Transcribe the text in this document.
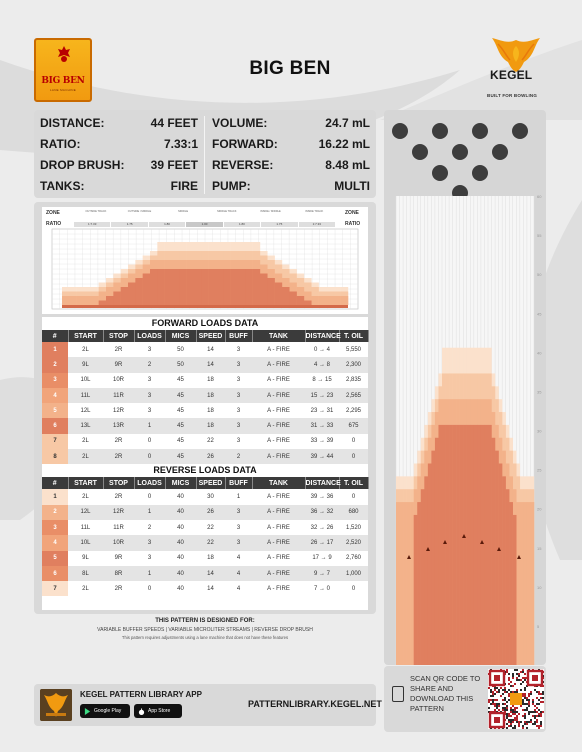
BIG BEN
LANE MACHINE
BIG BEN	KEGEL
BUILT FOR BOWLING
DISTANCE:	44 FEET
RATIO:	7.33:1
DROP BRUSH: 39 FEET
TANKS:	FIRE
VOLUME:	24.7 mL
FORWARD:	16.22 mL
REVERSE:	8.48 mL
PUMP:	MULTI
ZONE
RATIO
ZONE
RATIO
1:7.33	1.75	1.80	1.00	1.80	1.75	1:7.33
OUTSIDE TRACK	OUTSIDE / MIDDLE	MIDDLE	MIDDLE TRACK	INSIDE / MIDDLE	INSIDE TRACK
FORWARD LOADS DATA
#	START	STOP	LOADS	MICS	SPEED	BUFF	TANK	DISTANCE	T. OIL
1	2L	2R	3	50	14	3	A - FIRE	0 → 4	5,550
2	9L	9R	2	50	14	3	A - FIRE	4 → 8	2,300
3	10L	10R	3	45	18	3	A - FIRE	8 → 15	2,835
4	11L	11R	3	45	18	3	A - FIRE	15 → 23	2,565
5	12L	12R	3	45	18	3	A - FIRE	23 → 31	2,295
6	13L	13R	1	45	18	3	A - FIRE	31 → 33	675
7	2L	2R	0	45	22	3	A - FIRE	33 → 39	0
8	2L	2R	0	45	26	2	A - FIRE	39 → 44	0
REVERSE LOADS DATA
#	START	STOP	LOADS	MICS	SPEED	BUFF	TANK	DISTANCE	T. OIL
1	2L	2R	0	40	30	1	A - FIRE	39 → 36	0
2	12L	12R	1	40	26	3	A - FIRE	36 → 32	680
3	11L	11R	2	40	22	3	A - FIRE	32 → 26	1,520
4	10L	10R	3	40	22	3	A - FIRE	26 → 17	2,520
5	9L	9R	3	40	18	4	A - FIRE	17 → 9	2,760
6	8L	8R	1	40	14	4	A - FIRE	9 → 7	1,000
7	2L	2R	0	40	14	4	A - FIRE	7 → 0	0
THIS PATTERN IS DESIGNED FOR:
VARIABLE BUFFER SPEEDS | VARIABLE MICROLITER STREAMS | REVERSE DROP BRUSH
This pattern requires adjustments using a lane machine that does not have these features
KEGEL PATTERN LIBRARY APP
Google Play	App Store
PATTERNLIBRARY.KEGEL.NET
5
10
15
20
25
30
35
40
45
50
55
60
SCAN QR CODE TO SHARE AND DOWNLOAD THIS PATTERN
